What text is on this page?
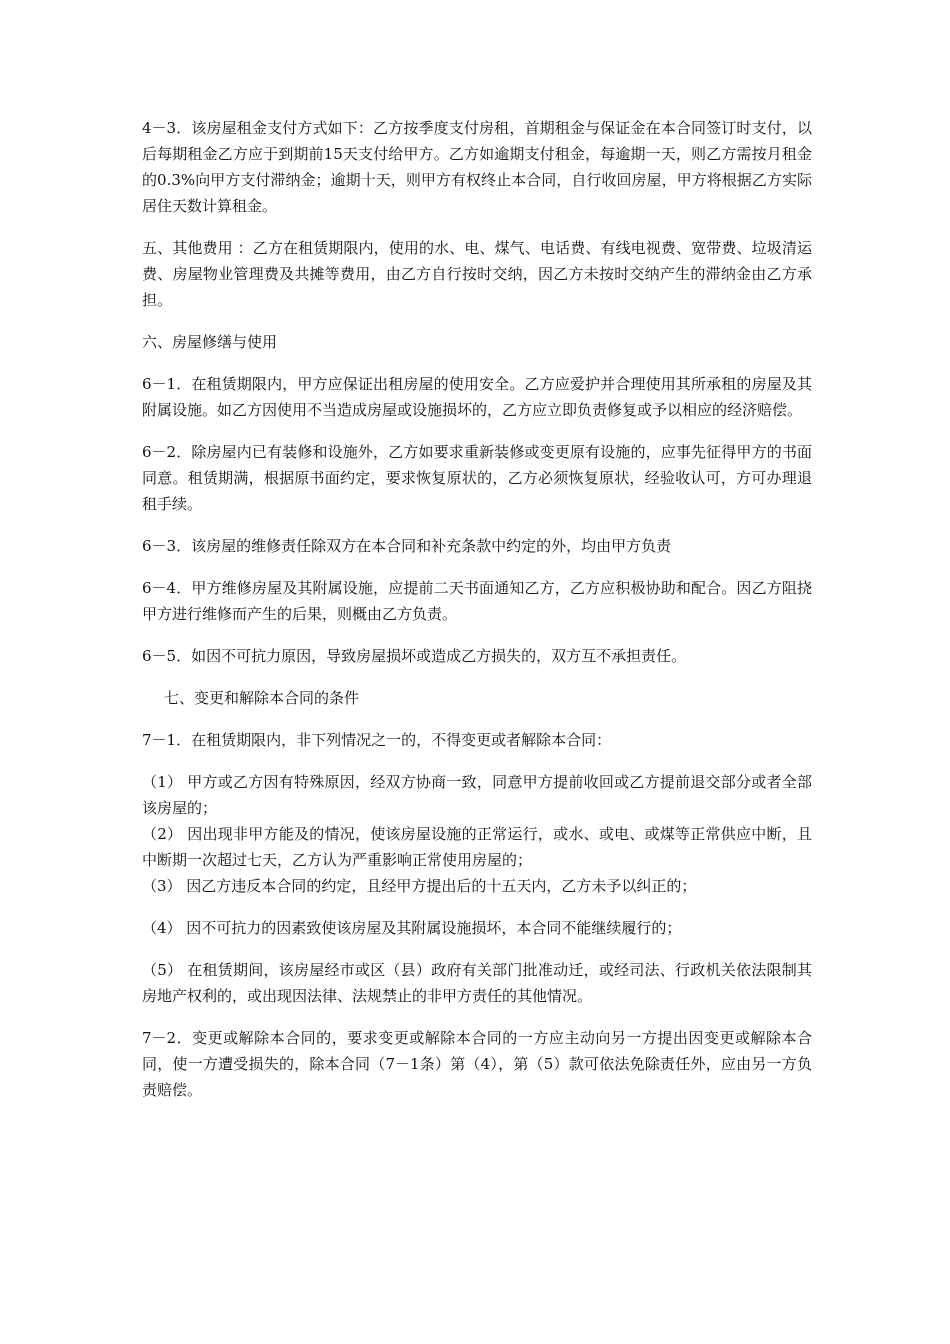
4－3．该房屋租金支付方式如下：乙方按季度支付房租，首期租金与保证金在本合同签订时支付，以后每期租金乙方应于到期前15天支付给甲方。乙方如逾期支付租金，每逾期一天，则乙方需按月租金的0.3%向甲方支付滞纳金；逾期十天，则甲方有权终止本合同，自行收回房屋，甲方将根据乙方实际居住天数计算租金。

五、其他费用 ：乙方在租赁期限内，使用的水、电、煤气、电话费、有线电视费、宽带费、垃圾清运费、房屋物业管理费及共摊等费用，由乙方自行按时交纳，因乙方未按时交纳产生的滞纳金由乙方承担。

六、房屋修缮与使用

6－1．在租赁期限内，甲方应保证出租房屋的使用安全。乙方应爱护并合理使用其所承租的房屋及其附属设施。如乙方因使用不当造成房屋或设施损坏的，乙方应立即负责修复或予以相应的经济赔偿。

6－2．除房屋内已有装修和设施外，乙方如要求重新装修或变更原有设施的，应事先征得甲方的书面同意。租赁期满，根据原书面约定，要求恢复原状的，乙方必须恢复原状，经验收认可，方可办理退租手续。

6－3．该房屋的维修责任除双方在本合同和补充条款中约定的外，均由甲方负责

6－4．甲方维修房屋及其附属设施，应提前二天书面通知乙方，乙方应积极协助和配合。因乙方阻挠甲方进行维修而产生的后果，则概由乙方负责。

6－5．如因不可抗力原因，导致房屋损坏或造成乙方损失的，双方互不承担责任。

七、变更和解除本合同的条件

7－1．在租赁期限内，非下列情况之一的，不得变更或者解除本合同：

（1） 甲方或乙方因有特殊原因，经双方协商一致，同意甲方提前收回或乙方提前退交部分或者全部该房屋的；

（2） 因出现非甲方能及的情况，使该房屋设施的正常运行，或水、或电、或煤等正常供应中断，且中断期一次超过七天，乙方认为严重影响正常使用房屋的；

（3） 因乙方违反本合同的约定，且经甲方提出后的十五天内，乙方未予以纠正的；

（4） 因不可抗力的因素致使该房屋及其附属设施损坏，本合同不能继续履行的；

（5） 在租赁期间，该房屋经市或区（县）政府有关部门批准动迁，或经司法、行政机关依法限制其房地产权利的，或出现因法律、法规禁止的非甲方责任的其他情况。

7－2．变更或解除本合同的，要求变更或解除本合同的一方应主动向另一方提出因变更或解除本合同，使一方遭受损失的，除本合同（7－1条）第（4），第（5）款可依法免除责任外，应由另一方负责赔偿。
